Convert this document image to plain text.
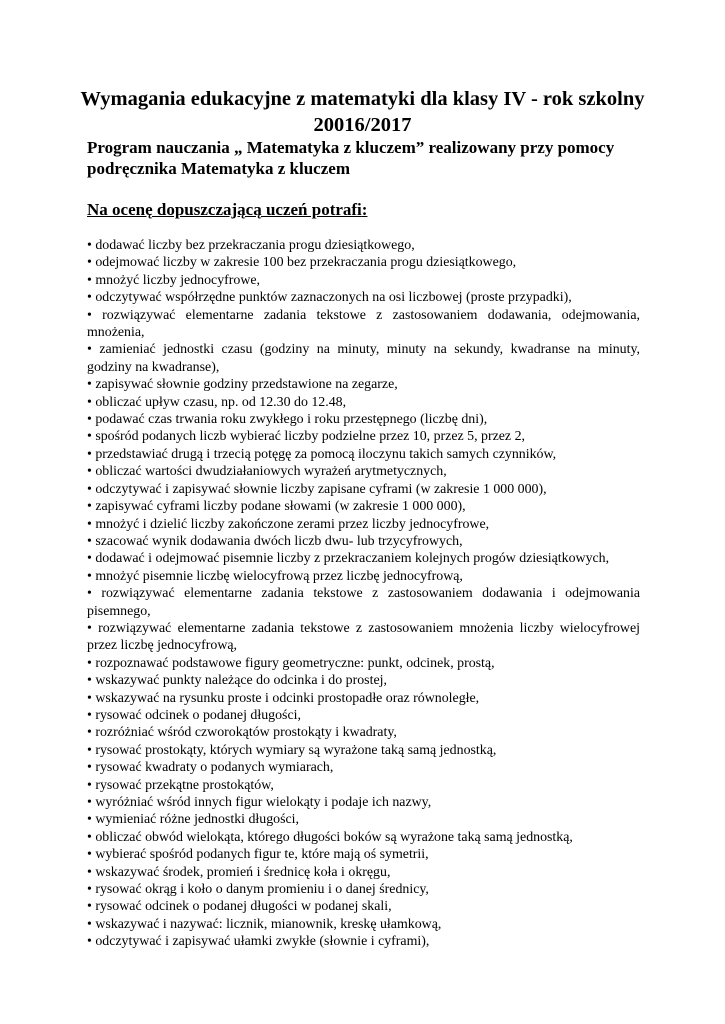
Wymagania edukacyjne z matematyki dla klasy IV - rok szkolny
20016/2017
Program nauczania „ Matematyka z kluczem” realizowany przy pomocy podręcznika Matematyka z kluczem
Na ocenę dopuszczającą uczeń potrafi:
• dodawać liczby bez przekraczania progu dziesiątkowego,
• odejmować liczby w zakresie 100 bez przekraczania progu dziesiątkowego,
• mnożyć liczby jednocyfrowe,
• odczytywać współrzędne punktów zaznaczonych na osi liczbowej (proste przypadki),
• rozwiązywać elementarne zadania tekstowe z zastosowaniem dodawania, odejmowania, mnożenia,
• zamieniać jednostki czasu (godziny na minuty, minuty na sekundy, kwadranse na minuty, godziny na kwadranse),
• zapisywać słownie godziny przedstawione na zegarze,
• obliczać upływ czasu, np. od 12.30 do 12.48,
• podawać czas trwania roku zwykłego i roku przestępnego (liczbę dni),
• spośród podanych liczb wybierać liczby podzielne przez 10, przez 5, przez 2,
• przedstawiać drugą i trzecią potęgę za pomocą iloczynu takich samych czynników,
• obliczać wartości dwudziałaniowych wyrażeń arytmetycznych,
• odczytywać i zapisywać słownie liczby zapisane cyframi (w zakresie 1 000 000),
• zapisywać cyframi liczby podane słowami (w zakresie 1 000 000),
• mnożyć i dzielić liczby zakończone zerami przez liczby jednocyfrowe,
• szacować wynik dodawania dwóch liczb dwu- lub trzycyfrowych,
• dodawać i odejmować pisemnie liczby z przekraczaniem kolejnych progów dziesiątkowych,
• mnożyć pisemnie liczbę wielocyfrową przez liczbę jednocyfrową,
• rozwiązywać elementarne zadania tekstowe z zastosowaniem dodawania i odejmowania pisemnego,
• rozwiązywać elementarne zadania tekstowe z zastosowaniem mnożenia liczby wielocyfrowej przez liczbę jednocyfrową,
• rozpoznawać podstawowe figury geometryczne: punkt, odcinek, prostą,
• wskazywać punkty należące do odcinka i do prostej,
• wskazywać na rysunku proste i odcinki prostopadłe oraz równoległe,
• rysować odcinek o podanej długości,
• rozróżniać wśród czworokątów prostokąty i kwadraty,
• rysować prostokąty, których wymiary są wyrażone taką samą jednostką,
• rysować kwadraty o podanych wymiarach,
• rysować przekątne prostokątów,
• wyróżniać wśród innych figur wielokąty i podaje ich nazwy,
• wymieniać różne jednostki długości,
• obliczać obwód wielokąta, którego długości boków są wyrażone taką samą jednostką,
• wybierać spośród podanych figur te, które mają oś symetrii,
• wskazywać środek, promień i średnicę koła i okręgu,
• rysować okrąg i koło o danym promieniu i o danej średnicy,
• rysować odcinek o podanej długości w podanej skali,
• wskazywać i nazywać: licznik, mianownik, kreskę ułamkową,
• odczytywać i zapisywać ułamki zwykłe (słownie i cyframi),
